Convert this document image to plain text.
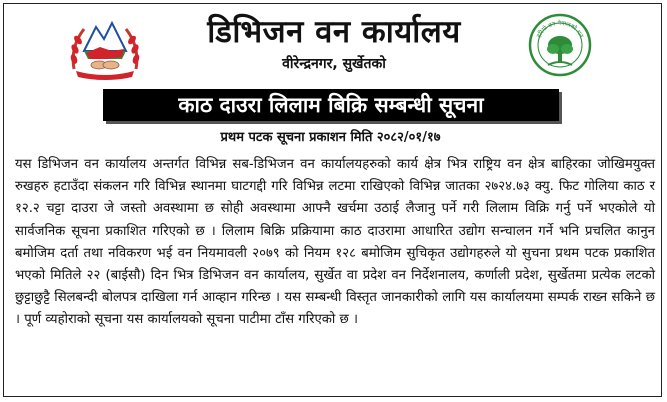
डिभिजन वन कार्यालय
वीरेन्द्रनगर, सुर्खेतको
हरियो वन नेपालको धन
काठ दाउरा लिलाम बिक्रि सम्बन्धी सूचना
प्रथम पटक सूचना प्रकाशन मिति २०८२/०१/१७
यस डिभिजन वन कार्यालय अन्तर्गत विभिन्न सब-डिभिजन वन कार्यालयहरुको कार्य क्षेत्र भित्र राष्ट्रिय वन क्षेत्र बाहिरका जोखिमयुक्त रुखहरु हटाउँदा संकलन गरि विभिन्न स्थानमा घाटगद्दी गरि विभिन्न लटमा राखिएको विभिन्न जातका २७२४.७३ क्यु. फिट गोलिया काठ र १२.२ चट्टा दाउरा जे जस्तो अवस्थामा छ सोही अवस्थामा आफ्नै खर्चमा उठाई लैजानु पर्ने गरी लिलाम विक्रि गर्नु पर्ने भएकोले यो सार्वजनिक सूचना प्रकाशित गरिएको छ । लिलाम बिक्रि प्रक्रियामा काठ दाउरामा आधारित उद्योग सन्चालन गर्ने भनि प्रचलित कानुन बमोजिम दर्ता तथा नविकरण भई वन नियमावली २०७९ को नियम १२८ बमोजिम सुचिकृत उद्योगहरुले यो सुचना प्रथम पटक प्रकाशित भएको मितिले २२ (बाईसौ) दिन भित्र डिभिजन वन कार्यालय, सुर्खेत वा प्रदेश वन निर्देशनालय, कर्णाली प्रदेश, सुर्खेतमा प्रत्येक लटको छुट्टाछुट्टै सिलबन्दी बोलपत्र दाखिला गर्न आव्हान गरिन्छ । यस सम्बन्धी विस्तृत जानकारीको लागि यस कार्यालयमा सम्पर्क राख्न सकिने छ । पूर्ण व्यहोराको सूचना यस कार्यालयको सूचना पाटीमा टाँस गरिएको छ ।
